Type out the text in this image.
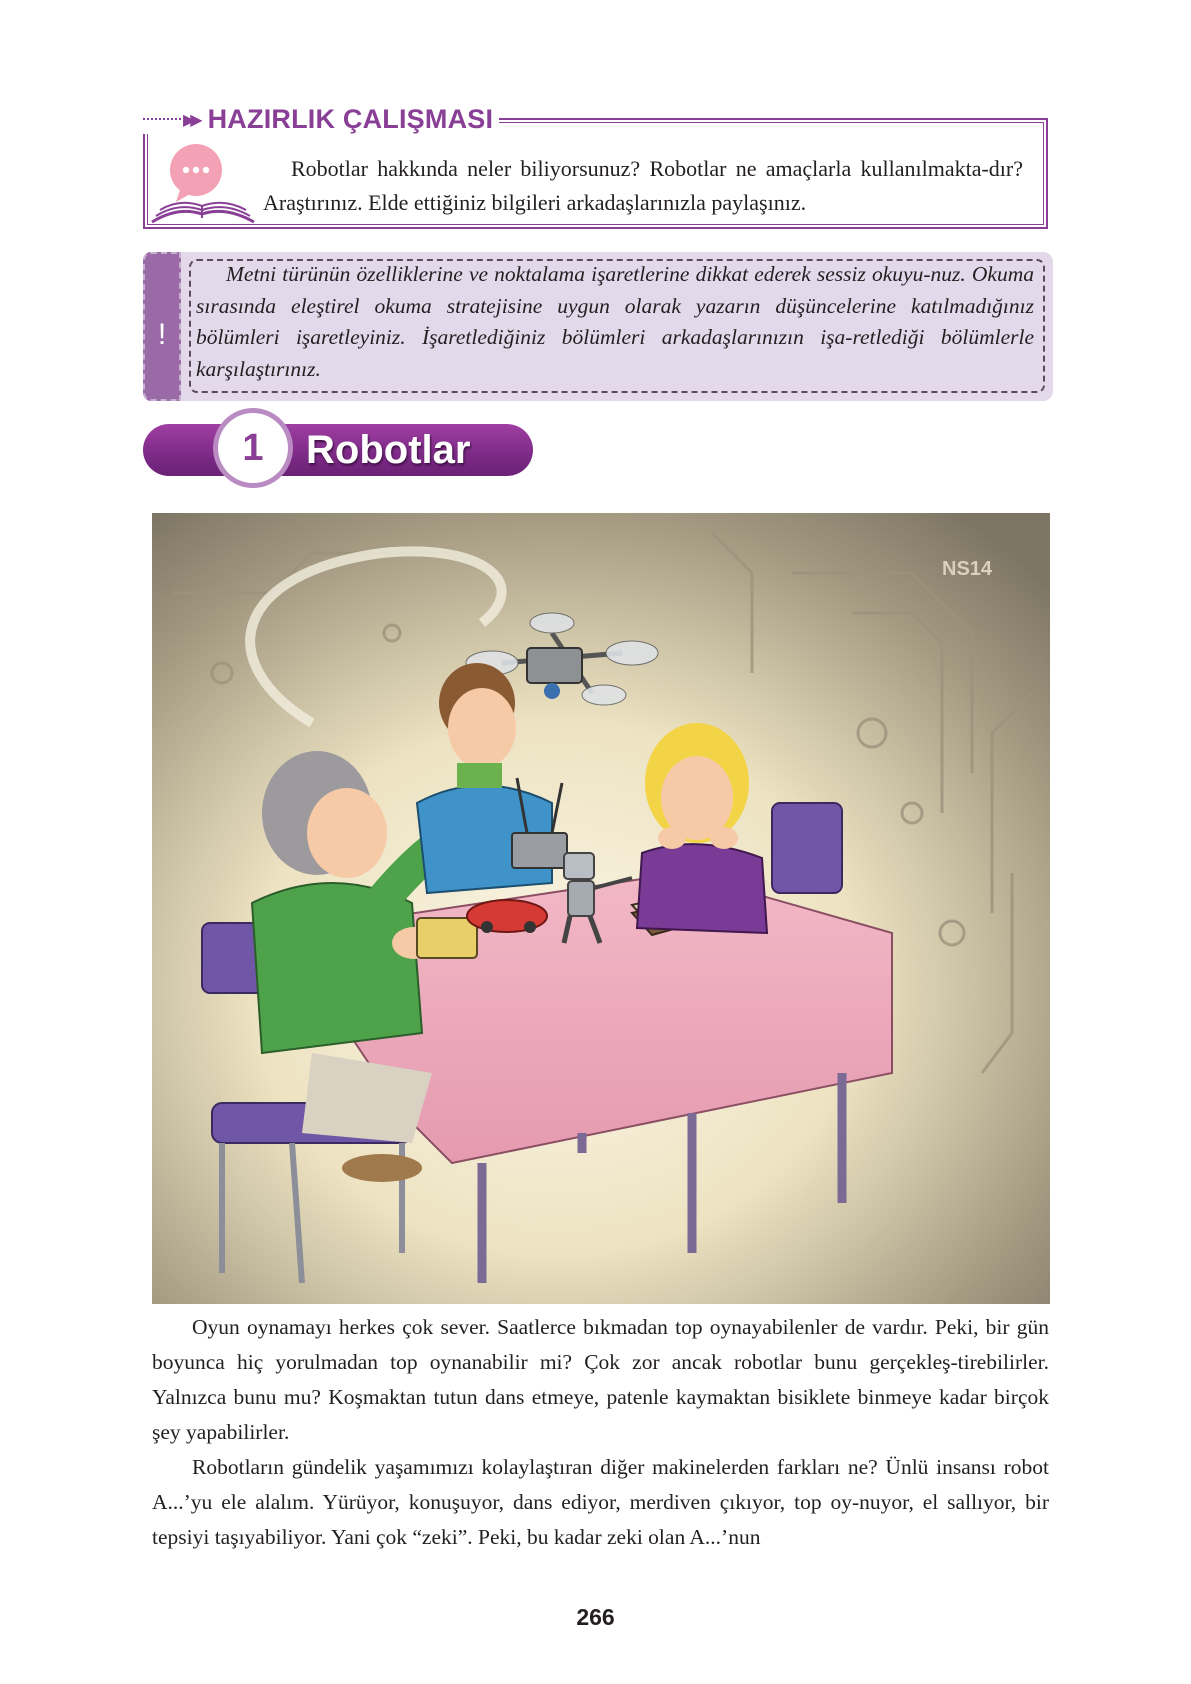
▶▶ HAZIRLIK ÇALIŞMASI

Robotlar hakkında neler biliyorsunuz? Robotlar ne amaçlarla kullanılmakta-dır? Araştırınız. Elde ettiğiniz bilgileri arkadaşlarınızla paylaşınız.

!

Metni türünün özelliklerine ve noktalama işaretlerine dikkat ederek sessiz okuyu-nuz. Okuma sırasında eleştirel okuma stratejisine uygun olarak yazarın düşüncelerine katılmadığınız bölümleri işaretleyiniz. İşaretlediğiniz bölümleri arkadaşlarınızın işa-retlediği bölümlerle karşılaştırınız.

1	Robotlar
NS14

Oyun oynamayı herkes çok sever. Saatlerce bıkmadan top oynayabilenler de vardır. Peki, bir gün boyunca hiç yorulmadan top oynanabilir mi? Çok zor ancak robotlar bunu gerçekleş-tirebilirler. Yalnızca bunu mu? Koşmaktan tutun dans etmeye, patenle kaymaktan bisiklete binmeye kadar birçok şey yapabilirler.

Robotların gündelik yaşamımızı kolaylaştıran diğer makinelerden farkları ne? Ünlü insansı robot A...’yu ele alalım. Yürüyor, konuşuyor, dans ediyor, merdiven çıkıyor, top oy-nuyor, el sallıyor, bir tepsiyi taşıyabiliyor. Yani çok “zeki”. Peki, bu kadar zeki olan A...’nun

266
